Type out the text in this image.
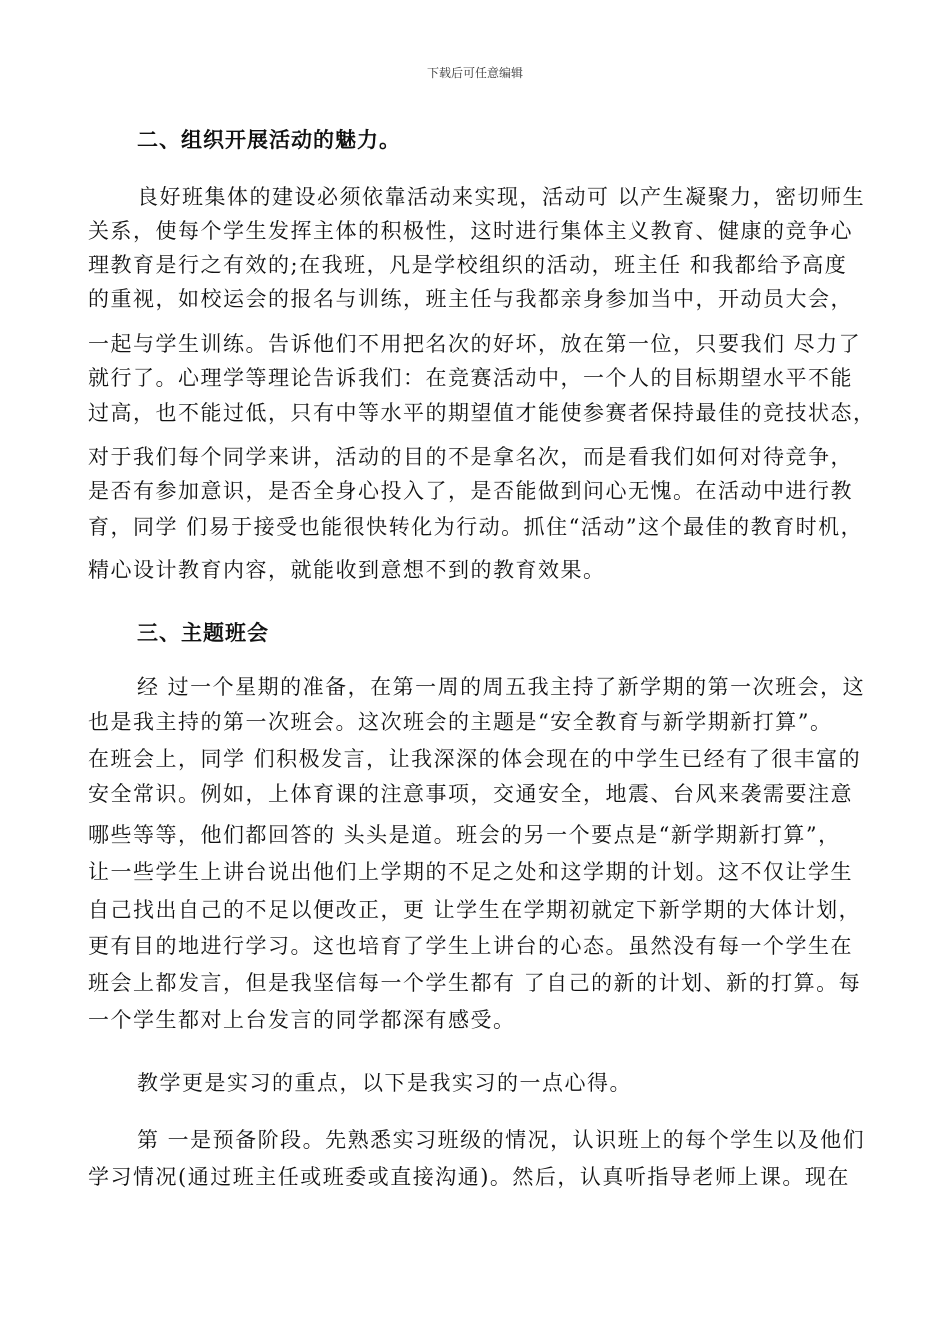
下载后可任意编辑
二、组织开展活动的魅力。
良好班集体的建设必须依靠活动来实现，活动可 以产生凝聚力，密切师生
关系，使每个学生发挥主体的积极性，这时进行集体主义教育、健康的竞争心
理教育是行之有效的;在我班，凡是学校组织的活动，班主任 和我都给予高度
的重视，如校运会的报名与训练，班主任与我都亲身参加当中，开动员大会，
一起与学生训练。告诉他们不用把名次的好坏，放在第一位，只要我们 尽力了
就行了。心理学等理论告诉我们：在竞赛活动中，一个人的目标期望水平不能
过高，也不能过低，只有中等水平的期望值才能使参赛者保持最佳的竞技状态，
对于我们每个同学来讲，活动的目的不是拿名次，而是看我们如何对待竞争，
是否有参加意识，是否全身心投入了，是否能做到问心无愧。在活动中进行教
育，同学 们易于接受也能很快转化为行动。抓住“活动”这个最佳的教育时机，
精心设计教育内容，就能收到意想不到的教育效果。
三、主题班会
经 过一个星期的准备，在第一周的周五我主持了新学期的第一次班会，这
也是我主持的第一次班会。这次班会的主题是“安全教育与新学期新打算”。
在班会上，同学 们积极发言，让我深深的体会现在的中学生已经有了很丰富的
安全常识。例如，上体育课的注意事项，交通安全，地震、台风来袭需要注意
哪些等等，他们都回答的 头头是道。班会的另一个要点是“新学期新打算”，
让一些学生上讲台说出他们上学期的不足之处和这学期的计划。这不仅让学生
自己找出自己的不足以便改正，更 让学生在学期初就定下新学期的大体计划，
更有目的地进行学习。这也培育了学生上讲台的心态。虽然没有每一个学生在
班会上都发言，但是我坚信每一个学生都有 了自己的新的计划、新的打算。每
一个学生都对上台发言的同学都深有感受。
教学更是实习的重点，以下是我实习的一点心得。
第 一是预备阶段。先熟悉实习班级的情况，认识班上的每个学生以及他们
学习情况(通过班主任或班委或直接沟通)。然后，认真听指导老师上课。现在
